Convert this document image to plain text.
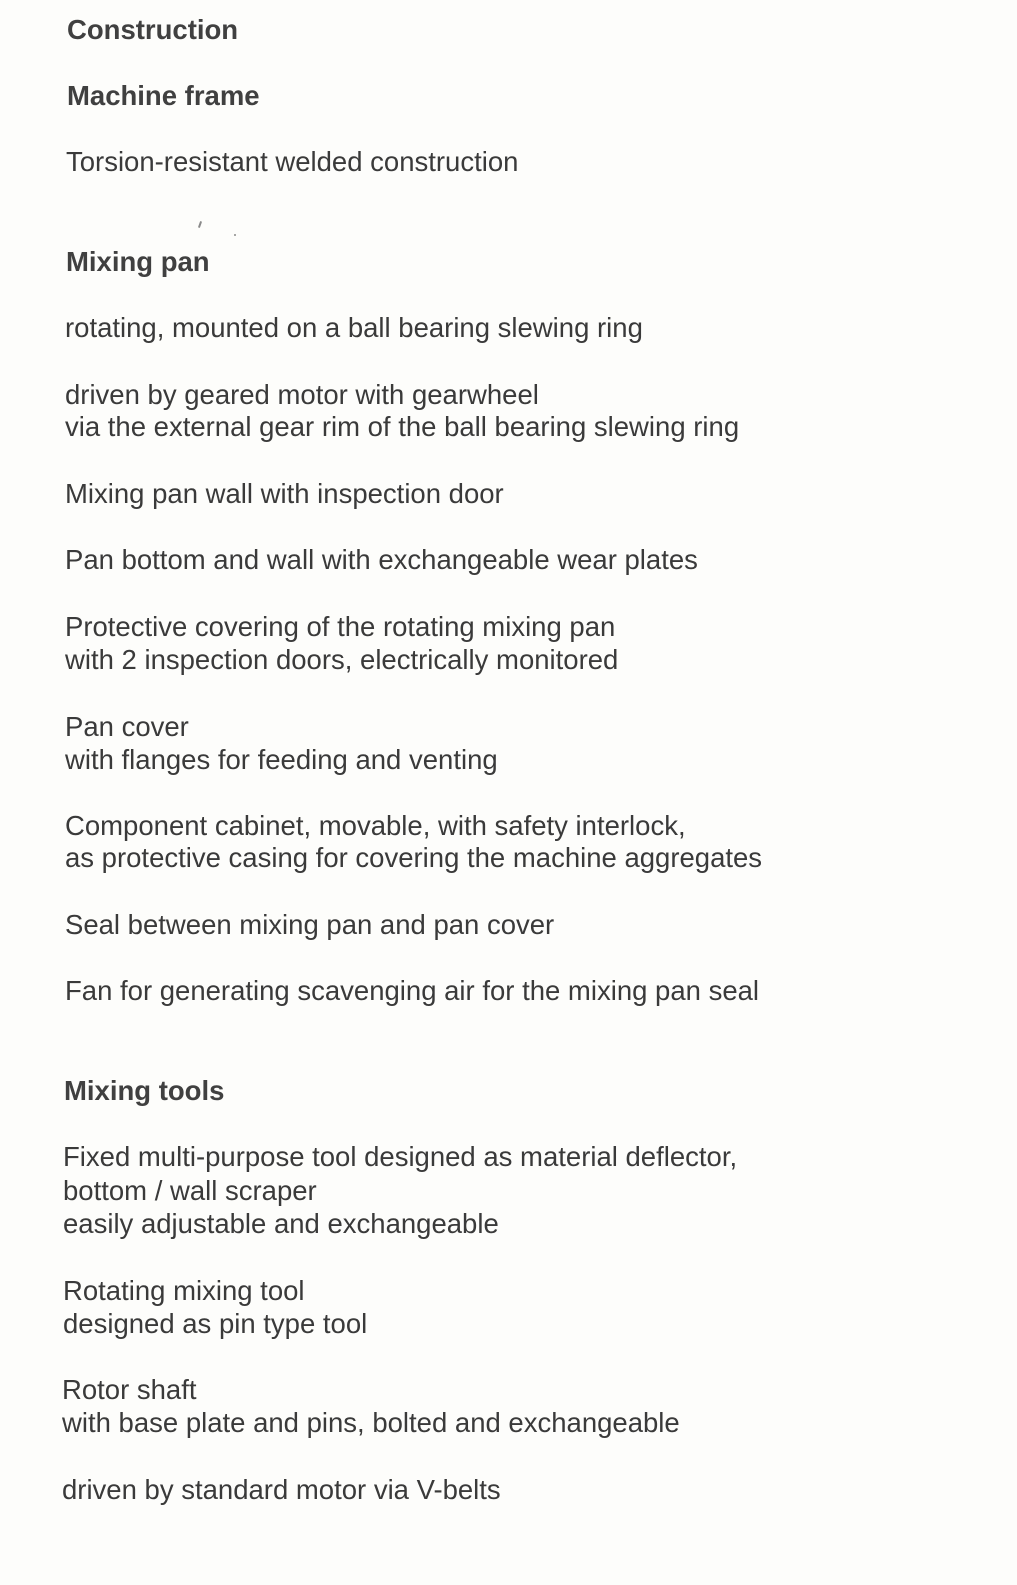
Construction
Machine frame
Torsion-resistant welded construction
Mixing pan
rotating, mounted on a ball bearing slewing ring
driven by geared motor with gearwheel
via the external gear rim of the ball bearing slewing ring
Mixing pan wall with inspection door
Pan bottom and wall with exchangeable wear plates
Protective covering of the rotating mixing pan
with 2 inspection doors, electrically monitored
Pan cover
with flanges for feeding and venting
Component cabinet, movable, with safety interlock,
as protective casing for covering the machine aggregates
Seal between mixing pan and pan cover
Fan for generating scavenging air for the mixing pan seal
Mixing tools
Fixed multi-purpose tool designed as material deflector,
bottom / wall scraper
easily adjustable and exchangeable
Rotating mixing tool
designed as pin type tool
Rotor shaft
with base plate and pins, bolted and exchangeable
driven by standard motor via V-belts
